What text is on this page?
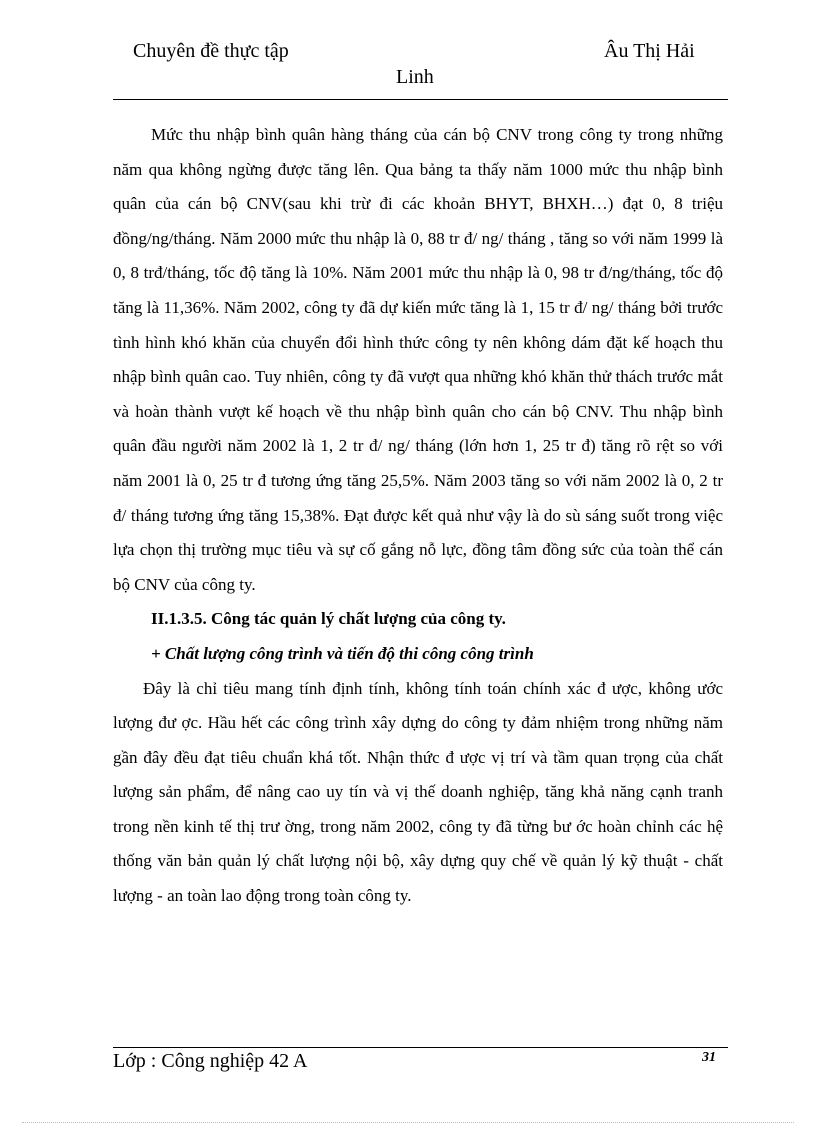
Chuyên đề thực tập	Âu Thị Hải
Linh

Mức thu nhập bình quân hàng tháng của cán bộ CNV trong công ty trong những năm qua không ngừng được tăng lên. Qua bảng ta thấy năm 1000 mức thu nhập bình quân của cán bộ CNV(sau khi trừ đi các khoản BHYT, BHXH…) đạt 0, 8 triệu đồng/ng/tháng. Năm 2000 mức thu nhập là 0, 88 tr đ/ ng/ tháng , tăng so với năm 1999 là 0, 8 trđ/tháng, tốc độ tăng là 10%. Năm 2001 mức thu nhập là 0, 98 tr đ/ng/tháng, tốc độ tăng là 11,36%. Năm 2002, công ty đã dự kiến mức tăng là 1, 15 tr đ/ ng/ tháng bởi trước tình hình khó khăn của chuyển đổi hình thức công ty nên không dám đặt kế hoạch thu nhập bình quân cao. Tuy nhiên, công ty đã vượt qua những khó khăn thử thách trước mắt và hoàn thành vượt kế hoạch về thu nhập bình quân cho cán bộ CNV. Thu nhập bình quân đầu người năm 2002 là 1, 2 tr đ/ ng/ tháng (lớn hơn 1, 25 tr đ) tăng rõ rệt so với năm 2001 là 0, 25 tr đ tương ứng tăng 25,5%. Năm 2003 tăng so với năm 2002 là 0, 2 tr đ/ tháng tương ứng tăng 15,38%. Đạt được kết quả như vậy là do sù sáng suốt trong việc lựa chọn thị trường mục tiêu và sự cố gắng nỗ lực, đồng tâm đồng sức của toàn thể cán bộ CNV của công ty.

II.1.3.5. Công tác quản lý chất lượng của công ty.

+ Chất lượng công trình và tiến độ thi công công trình

Đây là chỉ tiêu mang tính định tính, không tính toán chính xác đ ược, không ước lượng đư ợc. Hầu hết các công trình xây dựng do công ty đảm nhiệm trong những năm gần đây đều đạt tiêu chuẩn khá tốt. Nhận thức đ ược vị trí và tầm quan trọng của chất lượng sản phẩm, để nâng cao uy tín và vị thế doanh nghiệp, tăng khả năng cạnh tranh trong nền kinh tế thị trư ờng, trong năm 2002, công ty đã từng bư ớc hoàn chỉnh các hệ thống văn bản quản lý chất lượng nội bộ, xây dựng quy chế về quản lý kỹ thuật - chất lượng - an toàn lao động trong toàn công ty.

Lớp : Công nghiệp 42 A	31
